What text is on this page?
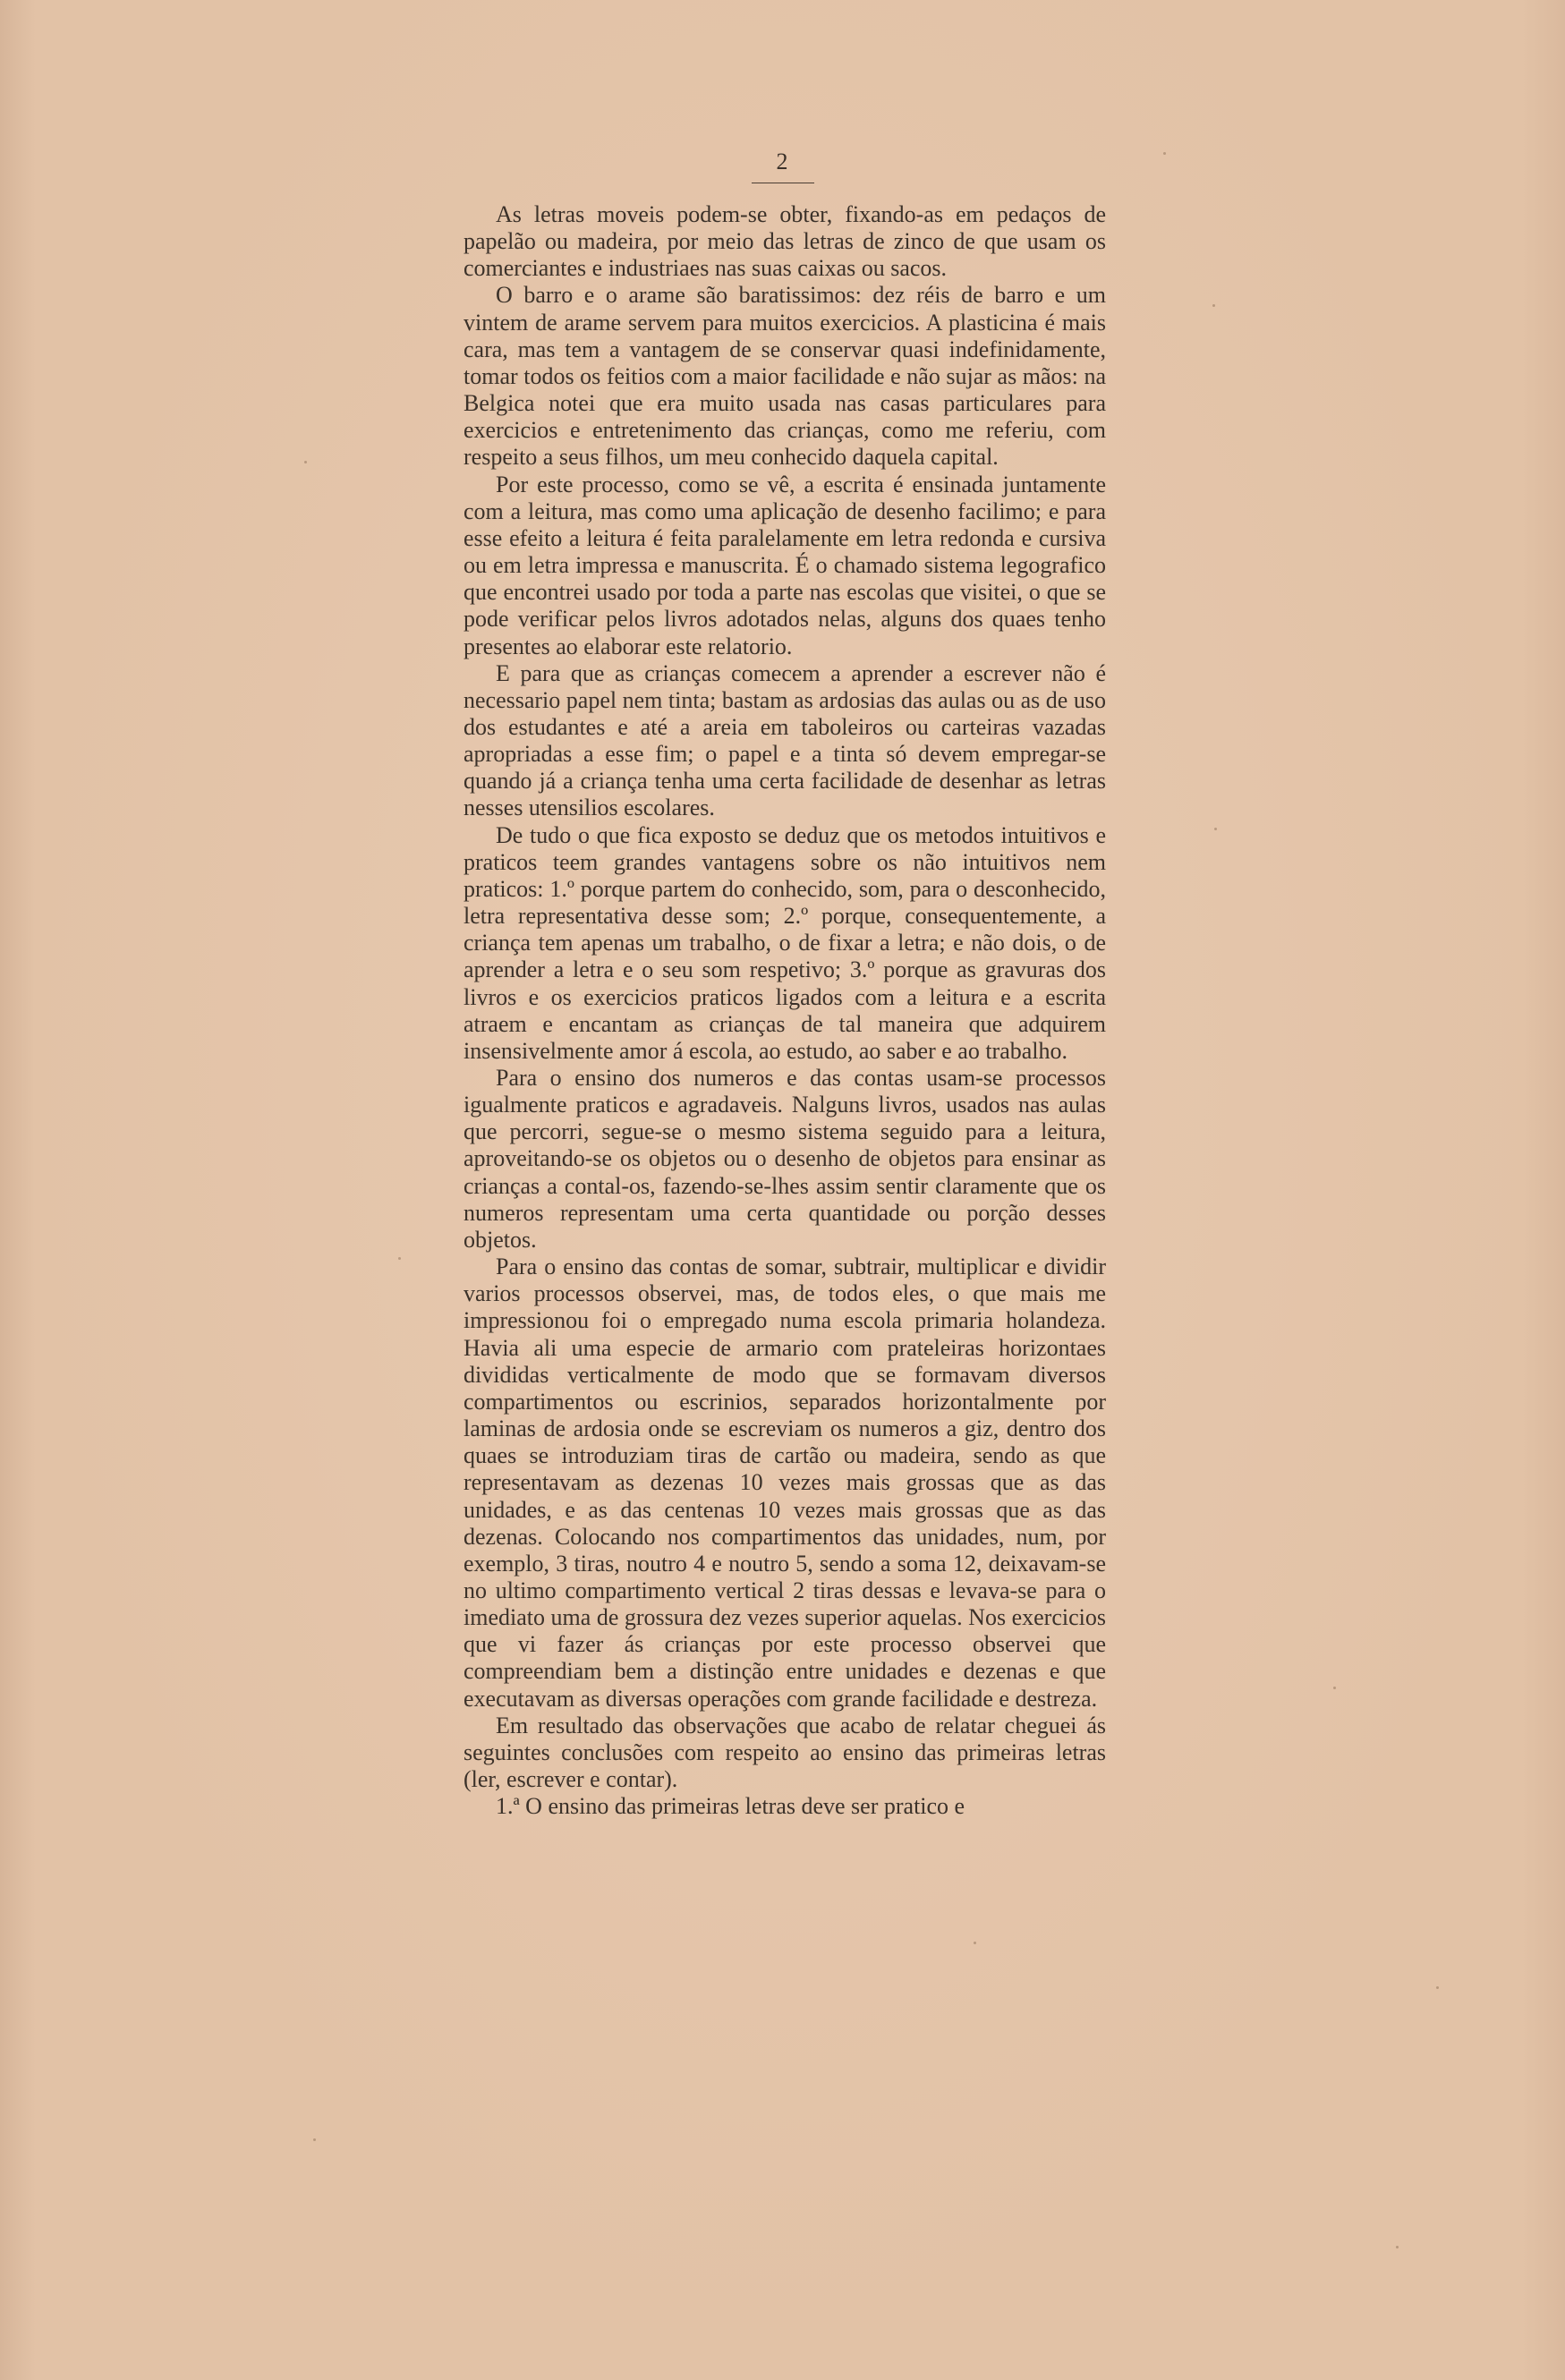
2

As letras moveis podem-se obter, fixando-as em pedaços de papelão ou madeira, por meio das letras de zinco de que usam os comerciantes e industriaes nas suas caixas ou sacos.

O barro e o arame são baratissimos: dez réis de barro e um vintem de arame servem para muitos exercicios. A plasticina é mais cara, mas tem a vantagem de se conservar quasi indefinidamente, tomar todos os feitios com a maior facilidade e não sujar as mãos: na Belgica notei que era muito usada nas casas particulares para exercicios e entretenimento das crianças, como me referiu, com respeito a seus filhos, um meu conhecido daquela capital.

Por este processo, como se vê, a escrita é ensinada juntamente com a leitura, mas como uma aplicação de desenho facilimo; e para esse efeito a leitura é feita paralelamente em letra redonda e cursiva ou em letra impressa e manuscrita. É o chamado sistema legografico que encontrei usado por toda a parte nas escolas que visitei, o que se pode verificar pelos livros adotados nelas, alguns dos quaes tenho presentes ao elaborar este relatorio.

E para que as crianças comecem a aprender a escrever não é necessario papel nem tinta; bastam as ardosias das aulas ou as de uso dos estudantes e até a areia em taboleiros ou carteiras vazadas apropriadas a esse fim; o papel e a tinta só devem empregar-se quando já a criança tenha uma certa facilidade de desenhar as letras nesses utensilios escolares.

De tudo o que fica exposto se deduz que os metodos intuitivos e praticos teem grandes vantagens sobre os não intuitivos nem praticos: 1.º porque partem do conhecido, som, para o desconhecido, letra representativa desse som; 2.º porque, consequentemente, a criança tem apenas um trabalho, o de fixar a letra; e não dois, o de aprender a letra e o seu som respetivo; 3.º porque as gravuras dos livros e os exercicios praticos ligados com a leitura e a escrita atraem e encantam as crianças de tal maneira que adquirem insensivelmente amor á escola, ao estudo, ao saber e ao trabalho.

Para o ensino dos numeros e das contas usam-se processos igualmente praticos e agradaveis. Nalguns livros, usados nas aulas que percorri, segue-se o mesmo sistema seguido para a leitura, aproveitando-se os objetos ou o desenho de objetos para ensinar as crianças a contal-os, fazendo-se-lhes assim sentir claramente que os numeros representam uma certa quantidade ou porção desses objetos.

Para o ensino das contas de somar, subtrair, multiplicar e dividir varios processos observei, mas, de todos eles, o que mais me impressionou foi o empregado numa escola primaria holandeza. Havia ali uma especie de armario com prateleiras horizontaes divididas verticalmente de modo que se formavam diversos compartimentos ou escrinios, separados horizontalmente por laminas de ardosia onde se escreviam os numeros a giz, dentro dos quaes se introduziam tiras de cartão ou madeira, sendo as que representavam as dezenas 10 vezes mais grossas que as das unidades, e as das centenas 10 vezes mais grossas que as das dezenas. Colocando nos compartimentos das unidades, num, por exemplo, 3 tiras, noutro 4 e noutro 5, sendo a soma 12, deixavam-se no ultimo compartimento vertical 2 tiras dessas e levava-se para o imediato uma de grossura dez vezes superior aquelas. Nos exercicios que vi fazer ás crianças por este processo observei que compreendiam bem a distinção entre unidades e dezenas e que executavam as diversas operações com grande facilidade e destreza.

Em resultado das observações que acabo de relatar cheguei ás seguintes conclusões com respeito ao ensino das primeiras letras (ler, escrever e contar).

1.ª O ensino das primeiras letras deve ser pratico e
